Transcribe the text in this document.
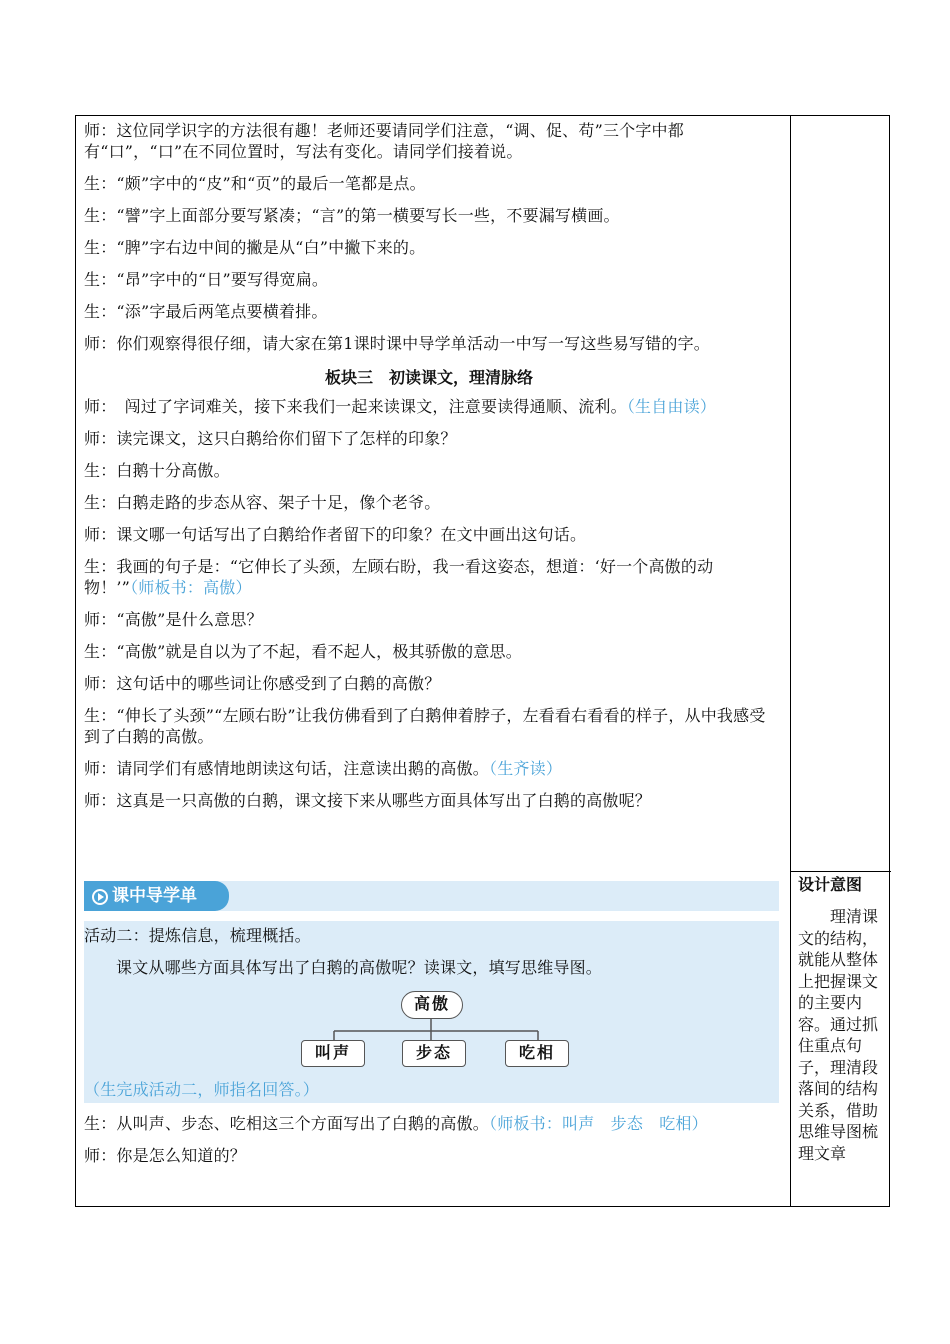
师：这位同学识字的方法很有趣！老师还要请同学们注意，“调、促、苟”三个字中都有“口”，“口”在不同位置时，写法有变化。请同学们接着说。

生：“颇”字中的“皮”和“页”的最后一笔都是点。

生：“譬”字上面部分要写紧凑；“言”的第一横要写长一些，不要漏写横画。

生：“脾”字右边中间的撇是从“白”中撇下来的。

生：“昂”字中的“日”要写得宽扁。

生：“添”字最后两笔点要横着排。

师：你们观察得很仔细，请大家在第1课时课中导学单活动一中写一写这些易写错的字。

板块三　初读课文，理清脉络

师：　闯过了字词难关，接下来我们一起来读课文，注意要读得通顺、流利。（生自由读）

师：读完课文，这只白鹅给你们留下了怎样的印象？

生：白鹅十分高傲。

生：白鹅走路的步态从容、架子十足，像个老爷。

师：课文哪一句话写出了白鹅给作者留下的印象？在文中画出这句话。

生：我画的句子是：“它伸长了头颈，左顾右盼，我一看这姿态，想道：‘好一个高傲的动物！’”（师板书：高傲）

师：“高傲”是什么意思？

生：“高傲”就是自以为了不起，看不起人，极其骄傲的意思。

师：这句话中的哪些词让你感受到了白鹅的高傲？

生：“伸长了头颈”“左顾右盼”让我仿佛看到了白鹅伸着脖子，左看看右看看的样子，从中我感受到了白鹅的高傲。

师：请同学们有感情地朗读这句话，注意读出鹅的高傲。（生齐读）

师：这真是一只高傲的白鹅，课文接下来从哪些方面具体写出了白鹅的高傲呢？

课中导学单

活动二：提炼信息，梳理概括。

课文从哪些方面具体写出了白鹅的高傲呢？读课文，填写思维导图。

高傲
叫声	步态	吃相

（生完成活动二，师指名回答。）

生：从叫声、步态、吃相这三个方面写出了白鹅的高傲。（师板书：叫声　步态　吃相）

师：你是怎么知道的？

设计意图

理清课文的结构，就能从整体上把握课文的主要内容。通过抓住重点句子，理清段落间的结构关系，借助思维导图梳理文章
